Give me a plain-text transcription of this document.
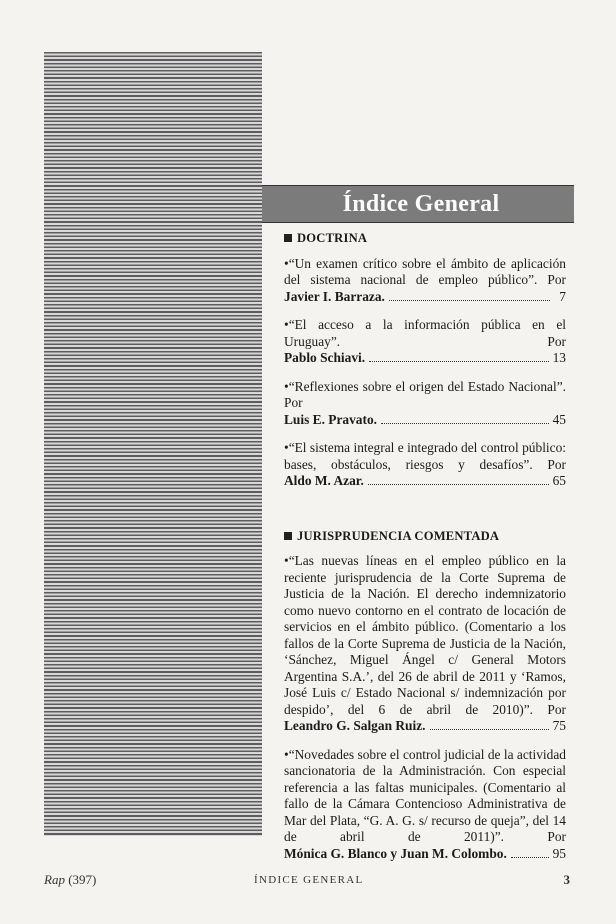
Índice General
DOCTRINA
•“Un examen crítico sobre el ámbito de aplicación del sistema nacional de empleo público”. Por
Javier I. Barraza.	7
•“El acceso a la información pública en el Uruguay”. Por
Pablo Schiavi.	13
•“Reflexiones sobre el origen del Estado Nacional”. Por
Luis E. Pravato.	45
•“El sistema integral e integrado del control público: bases, obstáculos, riesgos y desafíos”. Por
Aldo M. Azar.	65
JURISPRUDENCIA COMENTADA
•“Las nuevas líneas en el empleo público en la reciente jurisprudencia de la Corte Suprema de Justicia de la Nación. El derecho indemnizatorio como nuevo contorno en el contrato de locación de servicios en el ámbito público. (Comentario a los fallos de la Corte Suprema de Justicia de la Nación, ‘Sánchez, Miguel Ángel c/ General Motors Argentina S.A.’, del 26 de abril de 2011 y ‘Ramos, José Luis c/ Estado Nacional s/ indemnización por despido’, del 6 de abril de 2010)”. Por
Leandro G. Salgan Ruiz.	75
•“Novedades sobre el control judicial de la actividad sancionatoria de la Administración. Con especial referencia a las faltas municipales. (Comentario al fallo de la Cámara Contencioso Administrativa de Mar del Plata, “G. A. G. s/ recurso de queja”, del 14 de abril de 2011)”. Por
Mónica G. Blanco y Juan M. Colombo.	95
Rap (397)	ÍNDICE GENERAL	3
